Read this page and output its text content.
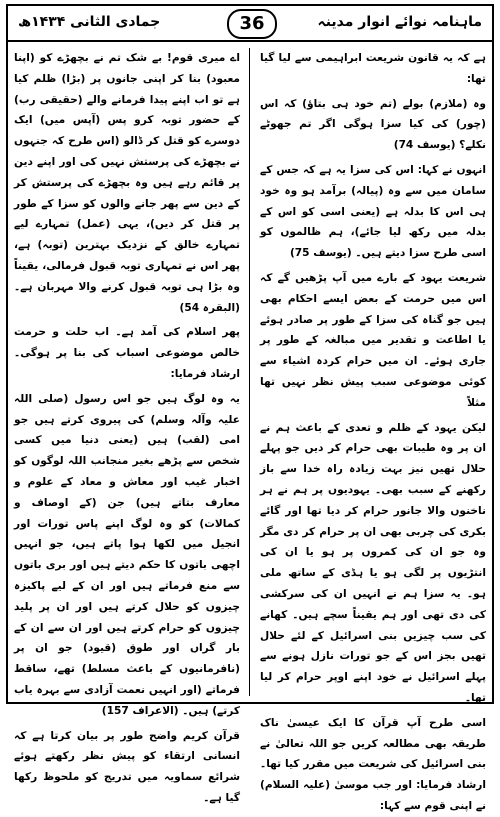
جمادی الثانی ۱۴۳۴ھ	36	ماہنامہ نوائے انوار مدینہ

ہے کہ یہ قانون شریعت ابراہیمی سے لیا گیا تھا:

وہ (ملازم) بولے (تم خود ہی بتاؤ) کہ اس (چور) کی کیا سزا ہوگی اگر تم جھوٹے نکلے؟ (یوسف 74)

انہوں نے کہا: اس کی سزا یہ ہے کہ جس کے سامان میں سے وہ (پیالہ) برآمد ہو وہ خود ہی اس کا بدلہ ہے (یعنی اسی کو اس کے بدلہ میں رکھ لیا جائے)، ہم ظالموں کو اسی طرح سزا دیتے ہیں۔ (یوسف 75)

شریعت یہود کے بارے میں آپ پڑھیں گے کہ اس میں حرمت کے بعض ایسے احکام بھی ہیں جو گناہ کی سزا کے طور پر صادر ہوئے یا اطاعت و تقدیر میں مبالغہ کے طور پر جاری ہوئے۔ ان میں حرام کردہ اشیاء سے کوئی موضوعی سبب پیش نظر نہیں تھا مثلاً

لیکن یہود کے ظلم و تعدی کے باعث ہم نے ان پر وہ طیبات بھی حرام کر دیں جو پہلے حلال تھیں نیز بہت زیادہ راہ خدا سے باز رکھنے کے سبب بھی۔ یہودیوں پر ہم نے ہر ناخنوں والا جانور حرام کر دیا تھا اور گائے بکری کی چربی بھی ان پر حرام کر دی مگر وہ جو ان کی کمروں پر ہو یا ان کی انتڑیوں پر لگی ہو یا ہڈی کے ساتھ ملی ہو۔ یہ سزا ہم نے انہیں ان کی سرکشی کی دی تھی اور ہم یقیناً سچے ہیں۔ کھانے کی سب چیزیں بنی اسرائیل کے لئے حلال تھیں بجز اس کے جو تورات نازل ہونے سے پہلے اسرائیل نے خود اپنے اوپر حرام کر لیا تھا۔

اسی طرح آپ قرآن کا ایک عیسیٰ ناک طریقہ بھی مطالعہ کریں جو اللہ تعالیٰ نے بنی اسرائیل کی شریعت میں مقرر کیا تھا۔ ارشاد فرمایا: اور جب موسیٰ (علیہ السلام) نے اپنی قوم سے کہا:

اے میری قوم! بے شک تم نے بچھڑے کو (اپنا معبود) بنا کر اپنی جانوں پر (بڑا) ظلم کیا ہے تو اب اپنے پیدا فرمانے والے (حقیقی رب) کے حضور توبہ کرو پس (آپس میں) ایک دوسرے کو قتل کر ڈالو (اس طرح کہ جنہوں نے بچھڑے کی پرستش نہیں کی اور اپنے دین پر قائم رہے ہیں وہ بچھڑے کی پرستش کر کے دین سے پھر جانے والوں کو سزا کے طور پر قتل کر دیں)، یہی (عمل) تمہارے لیے تمہارے خالق کے نزدیک بہترین (توبہ) ہے، پھر اس نے تمہاری توبہ قبول فرمالی، یقیناً وہ بڑا ہی توبہ قبول کرنے والا مہربان ہے۔ (البقرہ 54)

پھر اسلام کی آمد ہے۔ اب حلت و حرمت خالص موضوعی اسباب کی بنا پر ہوگی۔ ارشاد فرمایا:

یہ وہ لوگ ہیں جو اس رسول (صلی اللہ علیہ وآلہ وسلم) کی پیروی کرتے ہیں جو امی (لقب) ہیں (یعنی دنیا میں کسی شخص سے پڑھے بغیر منجانب اللہ لوگوں کو اخبار غیب اور معاش و معاد کے علوم و معارف بتاتے ہیں) جن (کے اوصاف و کمالات) کو وہ لوگ اپنے پاس تورات اور انجیل میں لکھا ہوا پاتے ہیں، جو انہیں اچھی باتوں کا حکم دیتے ہیں اور بری باتوں سے منع فرماتے ہیں اور ان کے لیے پاکیزہ چیزوں کو حلال کرتے ہیں اور ان پر پلید چیزوں کو حرام کرتے ہیں اور ان سے ان کے بار گراں اور طوق (قیود) جو ان پر (نافرمانیوں کے باعث مسلط) تھے، ساقط فرماتے (اور انہیں نعمت آزادی سے بہرہ یاب کرتے) ہیں۔ (الاعراف 157)

قرآن کریم واضح طور پر بیان کرتا ہے کہ انسانی ارتقاء کو پیش نظر رکھتے ہوئے شرائع سماویہ میں تدریج کو ملحوظ رکھا گیا ہے۔
